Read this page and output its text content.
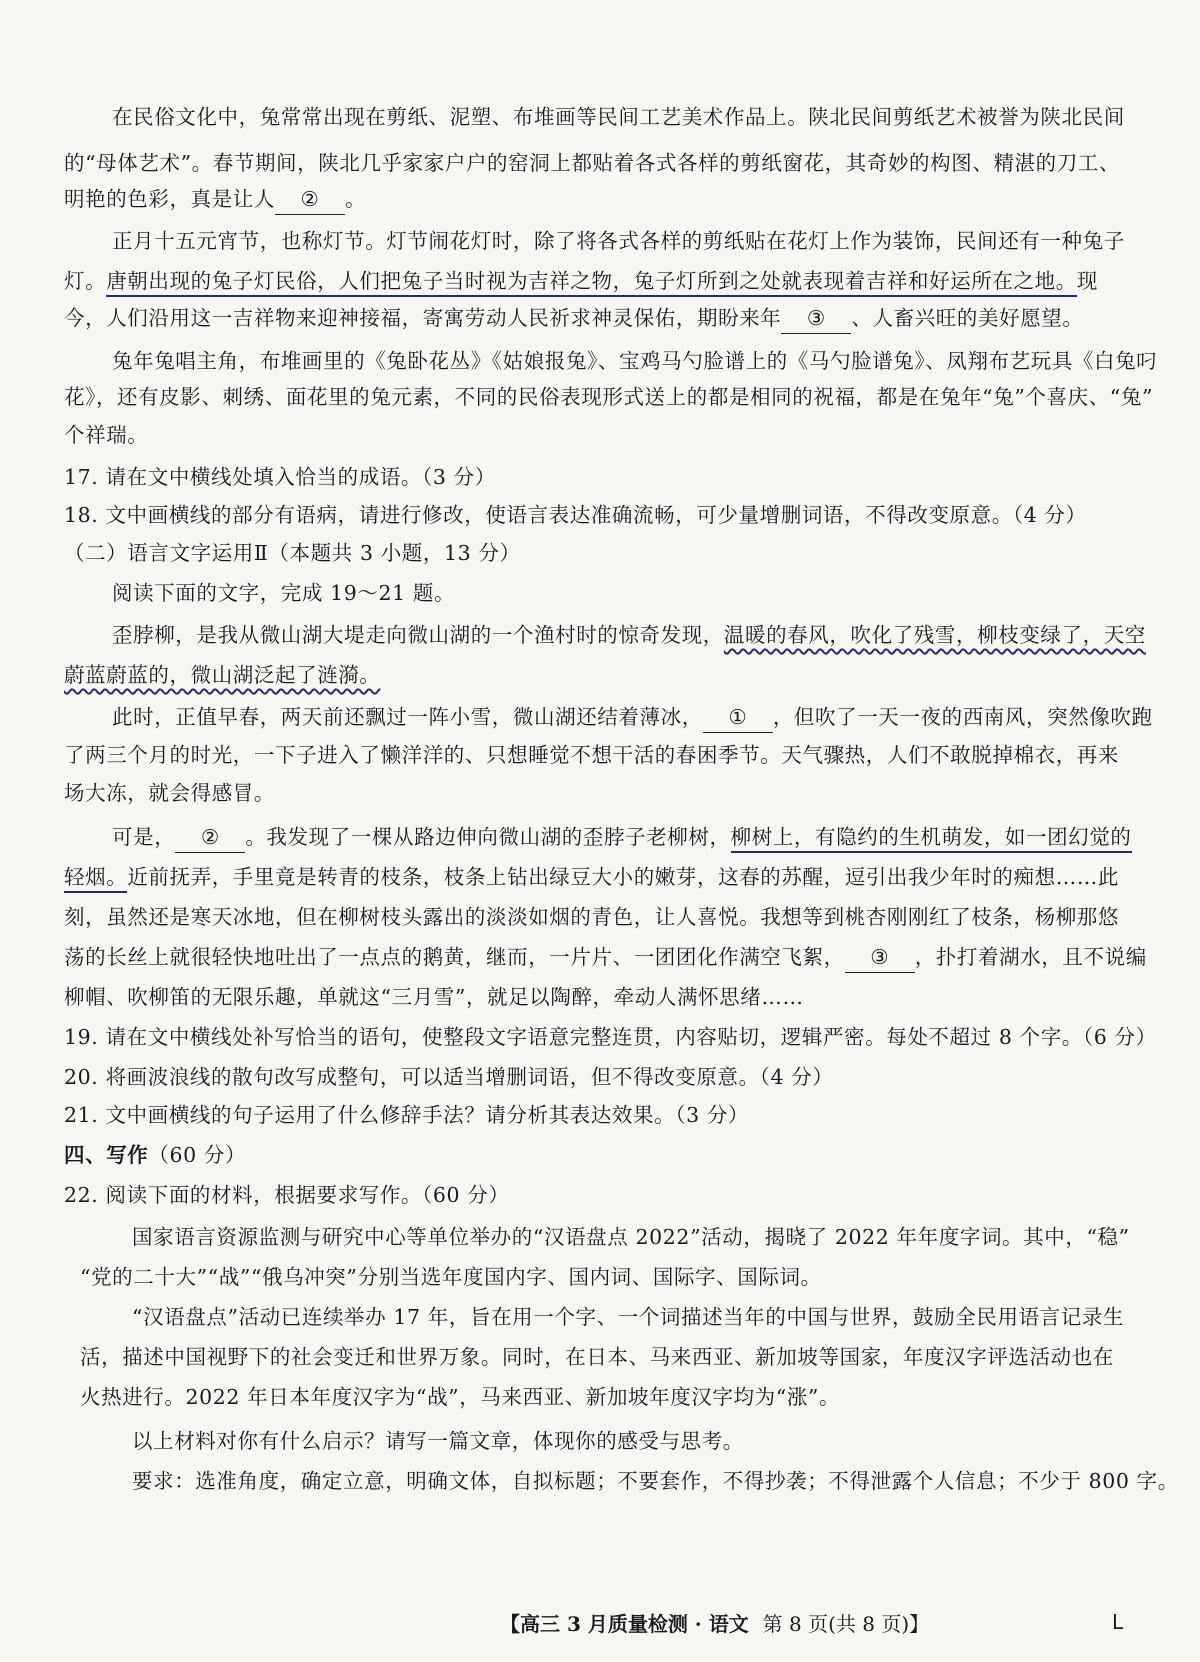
在民俗文化中，兔常常出现在剪纸、泥塑、布堆画等民间工艺美术作品上。陕北民间剪纸艺术被誉为陕北民间
的“母体艺术”。春节期间，陕北几乎家家户户的窑洞上都贴着各式各样的剪纸窗花，其奇妙的构图、精湛的刀工、
明艳的色彩，真是让人 ② 。
正月十五元宵节，也称灯节。灯节闹花灯时，除了将各式各样的剪纸贴在花灯上作为装饰，民间还有一种兔子
灯。唐朝出现的兔子灯民俗，人们把兔子当时视为吉祥之物，兔子灯所到之处就表现着吉祥和好运所在之地。现
今，人们沿用这一吉祥物来迎神接福，寄寓劳动人民祈求神灵保佑，期盼来年 ③ 、人畜兴旺的美好愿望。
兔年兔唱主角，布堆画里的《兔卧花丛》《姑娘报兔》、宝鸡马勺脸谱上的《马勺脸谱兔》、凤翔布艺玩具《白兔叼
花》，还有皮影、刺绣、面花里的兔元素，不同的民俗表现形式送上的都是相同的祝福，都是在兔年“兔”个喜庆、“兔”
个祥瑞。
17. 请在文中横线处填入恰当的成语。（3 分）
18. 文中画横线的部分有语病，请进行修改，使语言表达准确流畅，可少量增删词语，不得改变原意。（4 分）
（二）语言文字运用Ⅱ（本题共 3 小题，13 分）
阅读下面的文字，完成 19～21 题。
歪脖柳，是我从微山湖大堤走向微山湖的一个渔村时的惊奇发现，温暖的春风，吹化了残雪，柳枝变绿了，天空
蔚蓝蔚蓝的，微山湖泛起了涟漪。
此时，正值早春，两天前还飘过一阵小雪，微山湖还结着薄冰， ① ，但吹了一天一夜的西南风，突然像吹跑
了两三个月的时光，一下子进入了懒洋洋的、只想睡觉不想干活的春困季节。天气骤热，人们不敢脱掉棉衣，再来
场大冻，就会得感冒。
可是， ② 。我发现了一棵从路边伸向微山湖的歪脖子老柳树，柳树上，有隐约的生机萌发，如一团幻觉的
轻烟。近前抚弄，手里竟是转青的枝条，枝条上钻出绿豆大小的嫩芽，这春的苏醒，逗引出我少年时的痴想……此
刻，虽然还是寒天冰地，但在柳树枝头露出的淡淡如烟的青色，让人喜悦。我想等到桃杏刚刚红了枝条，杨柳那悠
荡的长丝上就很轻快地吐出了一点点的鹅黄，继而，一片片、一团团化作满空飞絮， ③ ，扑打着湖水，且不说编
柳帽、吹柳笛的无限乐趣，单就这“三月雪”，就足以陶醉，牵动人满怀思绪……
19. 请在文中横线处补写恰当的语句，使整段文字语意完整连贯，内容贴切，逻辑严密。每处不超过 8 个字。（6 分）
20. 将画波浪线的散句改写成整句，可以适当增删词语，但不得改变原意。（4 分）
21. 文中画横线的句子运用了什么修辞手法？请分析其表达效果。（3 分）
四、写作（60 分）
22. 阅读下面的材料，根据要求写作。（60 分）
国家语言资源监测与研究中心等单位举办的“汉语盘点 2022”活动，揭晓了 2022 年年度字词。其中，“稳”
“党的二十大”“战”“俄乌冲突”分别当选年度国内字、国内词、国际字、国际词。
“汉语盘点”活动已连续举办 17 年，旨在用一个字、一个词描述当年的中国与世界，鼓励全民用语言记录生
活，描述中国视野下的社会变迁和世界万象。同时，在日本、马来西亚、新加坡等国家，年度汉字评选活动也在
火热进行。2022 年日本年度汉字为“战”，马来西亚、新加坡年度汉字均为“涨”。
以上材料对你有什么启示？请写一篇文章，体现你的感受与思考。
要求：选准角度，确定立意，明确文体，自拟标题；不要套作，不得抄袭；不得泄露个人信息；不少于 800 字。
【高三 3 月质量检测 · 语文 第 8 页(共 8 页)】	L
